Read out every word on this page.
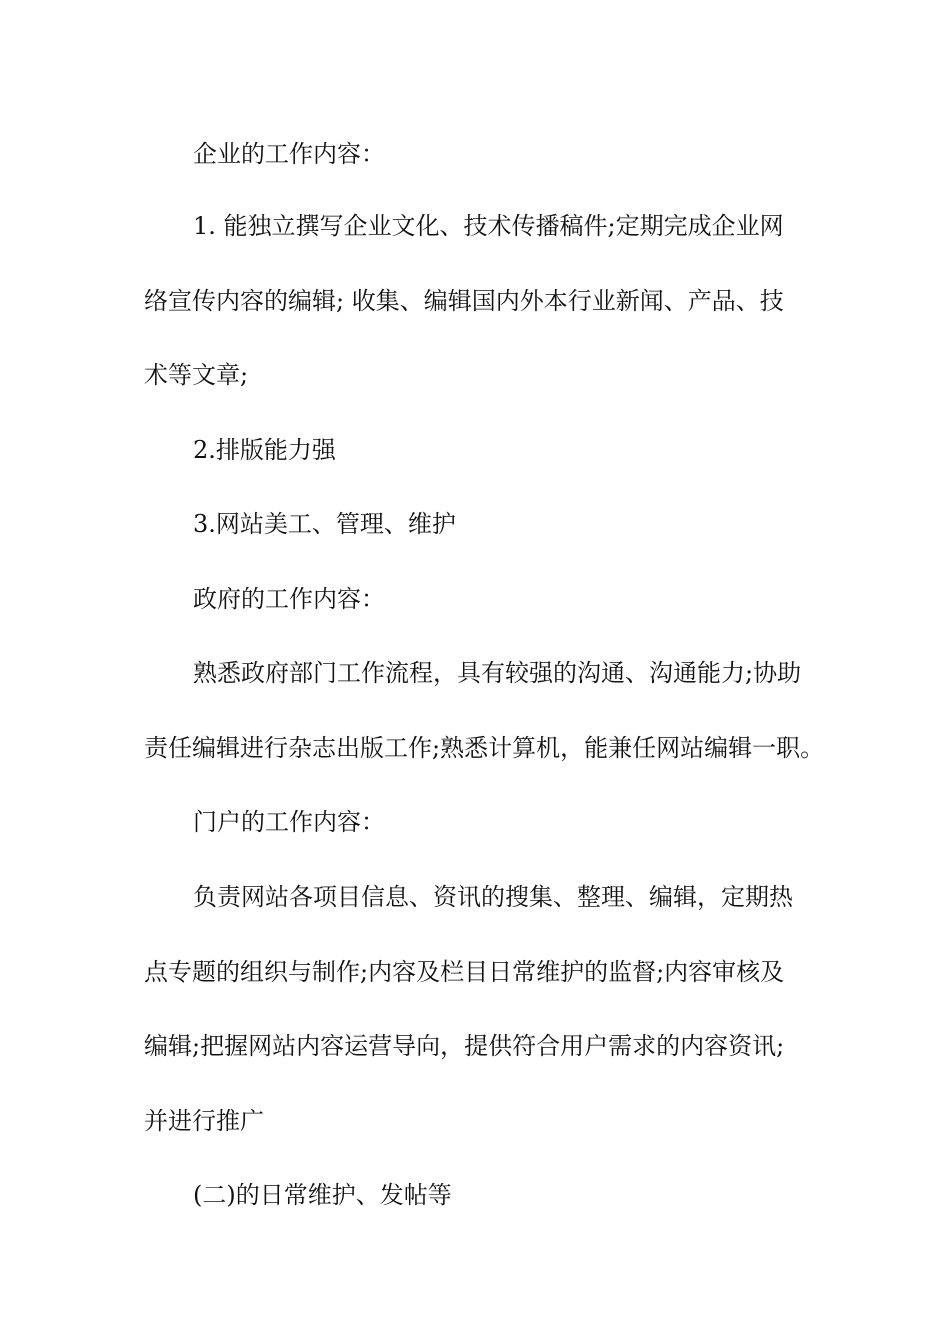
企业的工作内容：
1. 能独立撰写企业文化、技术传播稿件;定期完成企业网
络宣传内容的编辑; 收集、编辑国内外本行业新闻、产品、技
术等文章;
2.排版能力强
3.网站美工、管理、维护
政府的工作内容：
熟悉政府部门工作流程，具有较强的沟通、沟通能力;协助
责任编辑进行杂志出版工作;熟悉计算机，能兼任网站编辑一职。
门户的工作内容：
负责网站各项目信息、资讯的搜集、整理、编辑，定期热
点专题的组织与制作;内容及栏目日常维护的监督;内容审核及
编辑;把握网站内容运营导向，提供符合用户需求的内容资讯;
并进行推广
(二)的日常维护、发帖等
